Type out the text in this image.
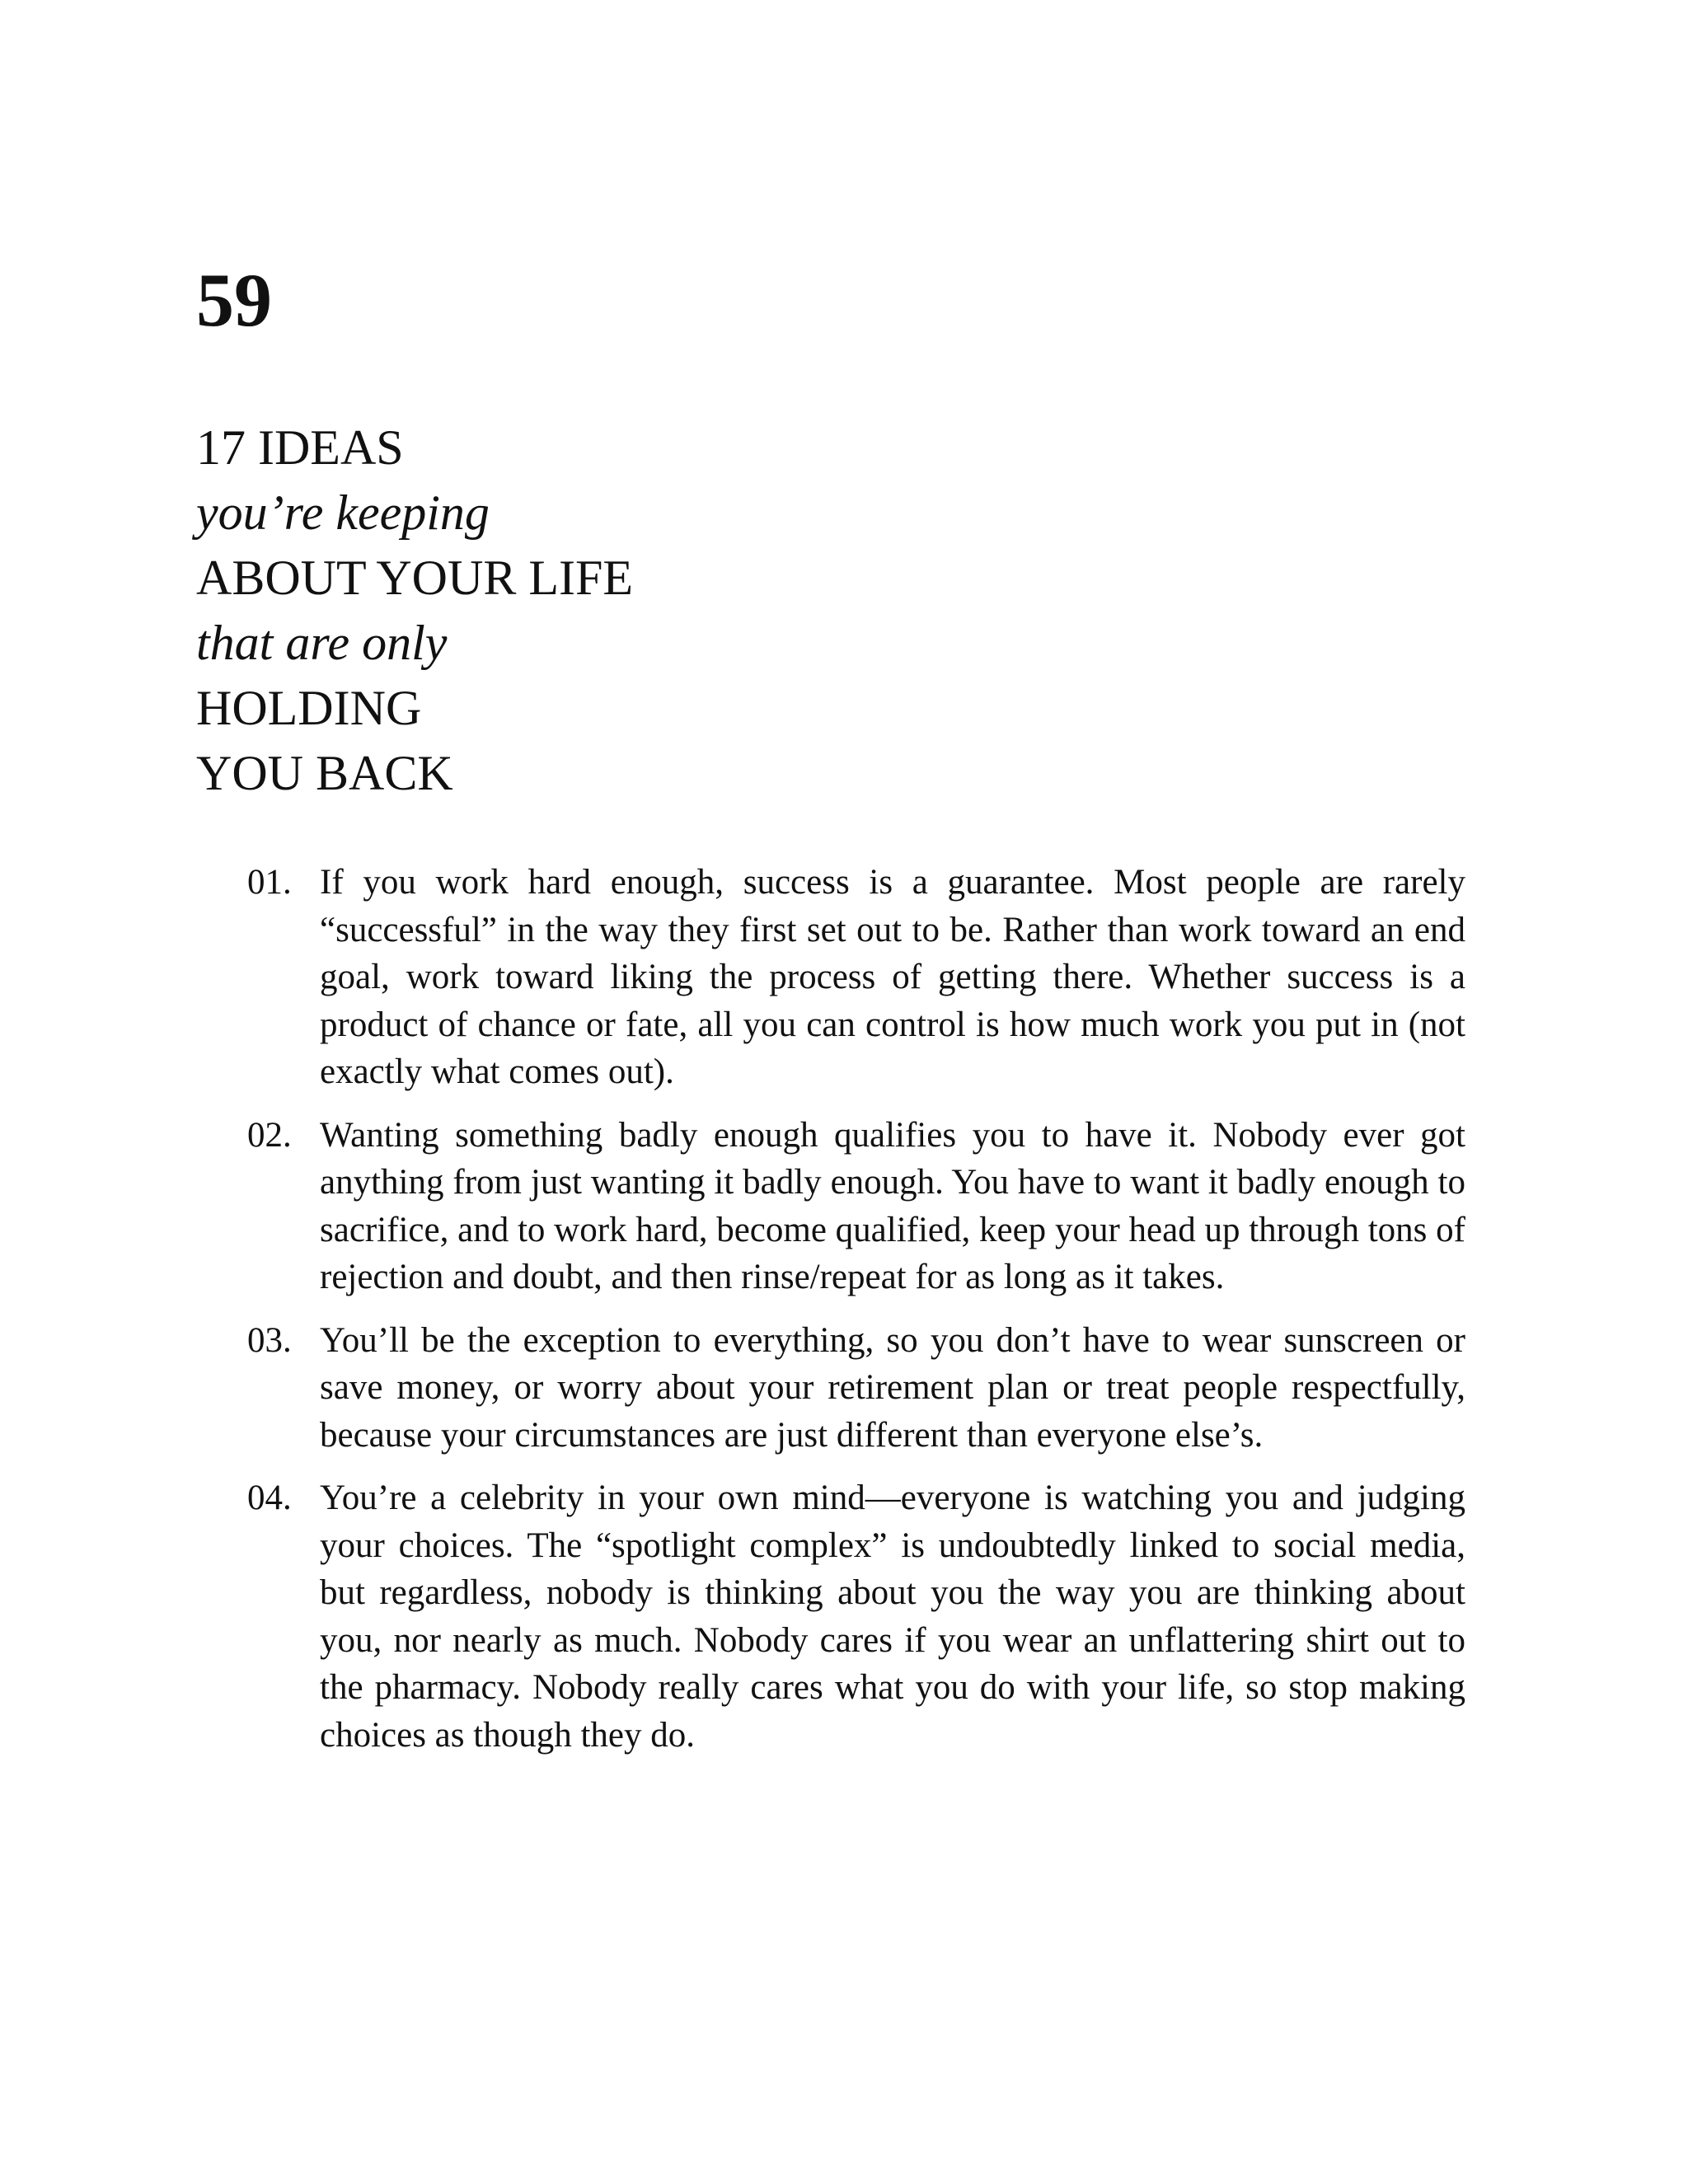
59
17 IDEAS
you’re keeping
ABOUT YOUR LIFE
that are only
HOLDING
YOU BACK
01. If you work hard enough, success is a guarantee. Most people are rarely “successful” in the way they first set out to be. Rather than work toward an end goal, work toward liking the process of getting there. Whether success is a product of chance or fate, all you can control is how much work you put in (not exactly what comes out).
02. Wanting something badly enough qualifies you to have it. Nobody ever got anything from just wanting it badly enough. You have to want it badly enough to sacrifice, and to work hard, become qualified, keep your head up through tons of rejection and doubt, and then rinse/repeat for as long as it takes.
03. You’ll be the exception to everything, so you don’t have to wear sunscreen or save money, or worry about your retirement plan or treat people respectfully, because your circumstances are just different than everyone else’s.
04. You’re a celebrity in your own mind—everyone is watching you and judging your choices. The “spotlight complex” is undoubtedly linked to social media, but regardless, nobody is thinking about you the way you are thinking about you, nor nearly as much. Nobody cares if you wear an unflattering shirt out to the pharmacy. Nobody really cares what you do with your life, so stop making choices as though they do.
